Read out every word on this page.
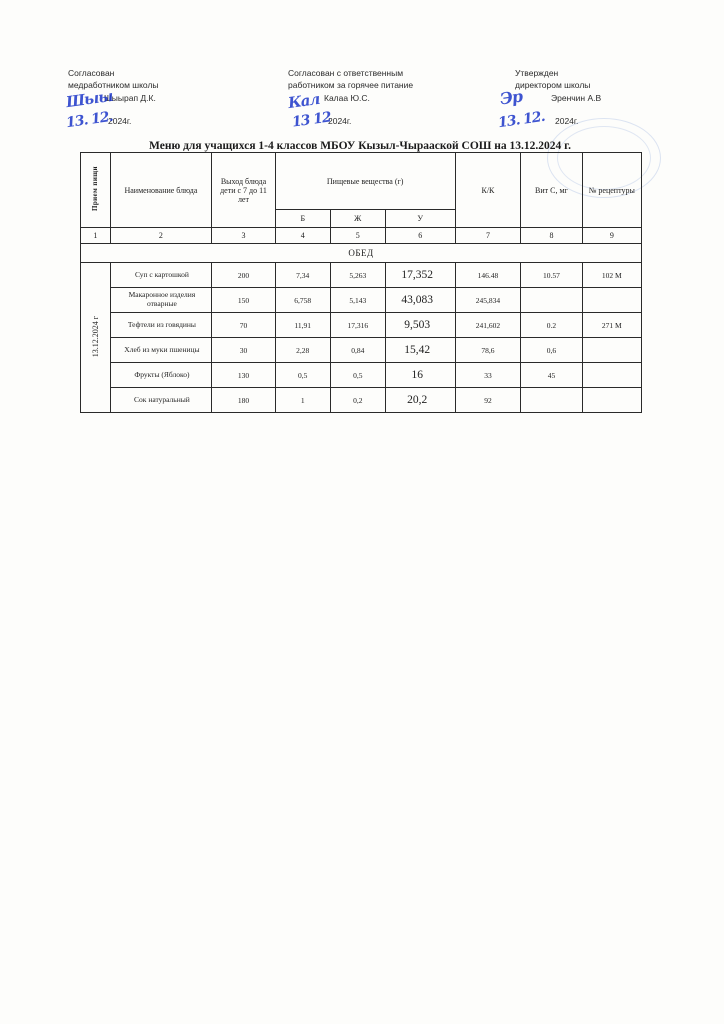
Согласован
медработником школы
Шыырап Д.К.
2024г.
Согласован с ответственным
работником за горячее питание
Калаа Ю.С.
2024г.
Утвержден
директором школы
Эренчин А.В
2024г.
Шыы
13. 12.
Кал
13 12
Эр
13. 12.
Меню для учащихся 1-4 классов МБОУ Кызыл-Чырааской СОШ на 13.12.2024 г.
Прием пищи	Наименование блюда	Выход блюда дети с 7 до 11 лет	Пищевые вещества (г)			К/К	Вит С, мг	№ рецептуры
			Б	Ж	У			
1	2	3	4	5	6	7	8	9
ОБЕД								
13.12.2024 г	Суп с картошкой	200	7,34	5,263	17,352	146.48	10.57	102 М
	Макаронное изделия отварные	150	6,758	5,143	43,083	245,834		
	Тефтели из говядины	70	11,91	17,316	9,503	241,602	0.2	271 М
	Хлеб из муки пшеницы	30	2,28	0,84	15,42	78,6	0,6	
	Фрукты (Яблоко)	130	0,5	0,5	16	33	45	
	Сок натуральный	180	1	0,2	20,2	92		
